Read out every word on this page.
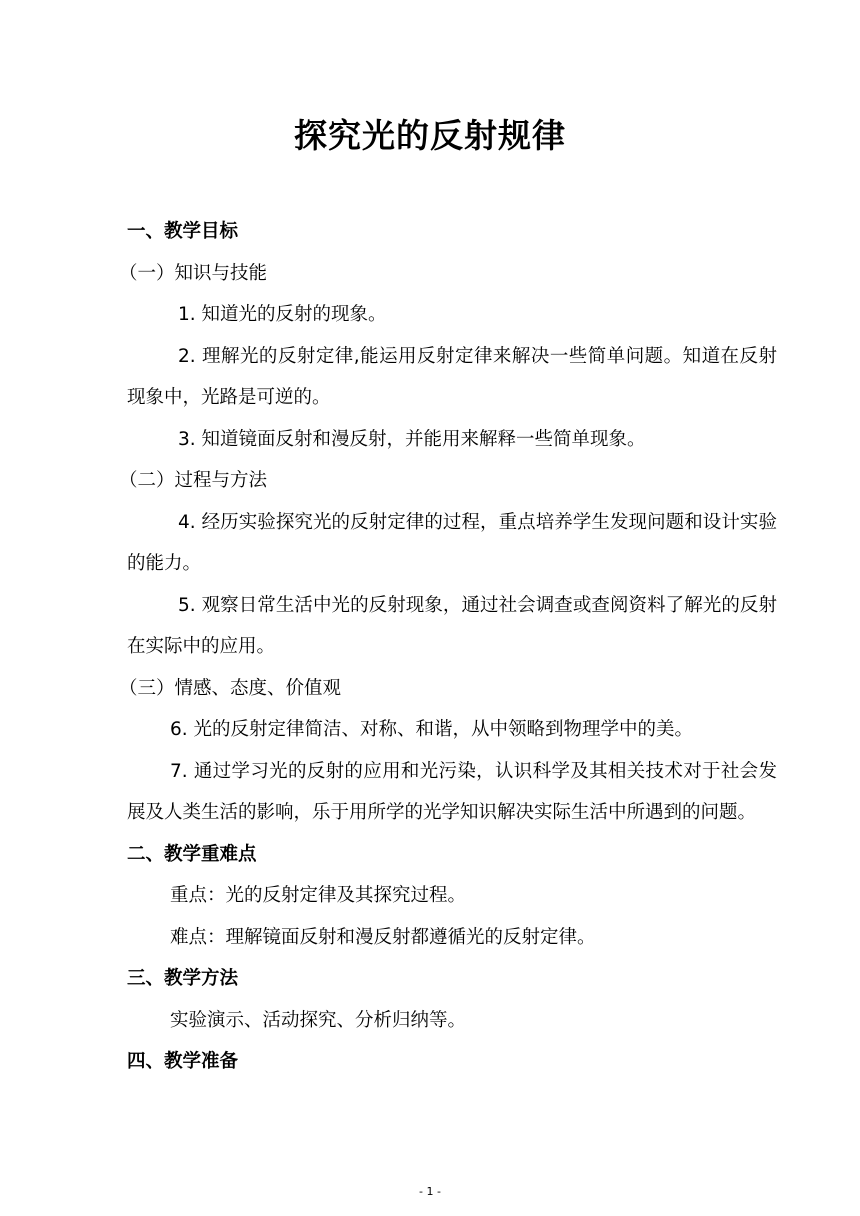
探究光的反射规律
一、教学目标
（一）知识与技能
1. 知道光的反射的现象。
2. 理解光的反射定律,能运用反射定律来解决一些简单问题。知道在反射现象中，光路是可逆的。
3. 知道镜面反射和漫反射，并能用来解释一些简单现象。
（二）过程与方法
4. 经历实验探究光的反射定律的过程，重点培养学生发现问题和设计实验的能力。
5. 观察日常生活中光的反射现象，通过社会调查或查阅资料了解光的反射在实际中的应用。
（三）情感、态度、价值观
6. 光的反射定律简洁、对称、和谐，从中领略到物理学中的美。
7. 通过学习光的反射的应用和光污染，认识科学及其相关技术对于社会发展及人类生活的影响，乐于用所学的光学知识解决实际生活中所遇到的问题。
二、教学重难点
重点：光的反射定律及其探究过程。
难点：理解镜面反射和漫反射都遵循光的反射定律。
三、教学方法
实验演示、活动探究、分析归纳等。
四、教学准备
- 1 -
